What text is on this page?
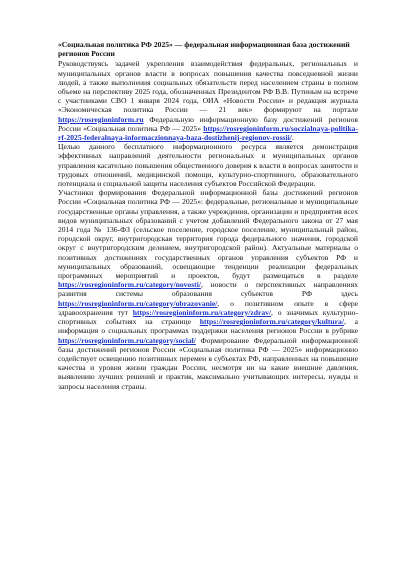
«Социальная политика РФ 2025» — федеральная информационная база достижений регионов России

Руководствуясь задачей укрепления взаимодействия федеральных, региональных и муниципальных органов власти в вопросах повышения качества повседневной жизни людей, а также выполнения социальных обязательств перед населением страны в полном объеме на перспективу 2025 года, обозначенных Президентом РФ В.В. Путиным на встрече с участниками СВО 1 января 2024 года, ОИА «Новости России» и редакция журнала «Экономическая политика России — 21 век» формируют на портале https://rosregioninform.ru Федеральную информационную базу достижений регионов России «Социальная политика РФ — 2025» https://rosregioninform.ru/soczialnaya-politika-rf-2025-federalnaya-informaczionnaya-baza-dostizhenij-regionov-rossii/.

Целью данного бесплатного информационного ресурса является демонстрация эффективных направлений деятельности региональных и муниципальных органов управления касательно повышения общественного доверия к власти в вопросах занятости и трудовых отношений, медицинской помощи, культурно-спортивного, образовательного потенциала и социальной защиты населения субъектов Российской Федерации.

Участники формирования Федеральной информационной базы достижений регионов России «Социальная политика РФ — 2025»: федеральные, региональные и муниципальные государственные органы управления, а также учреждения, организации и предприятия всех видов муниципальных образований с учетом добавлений Федерального закона от 27 мая 2014 года № 136-ФЗ (сельское поселение, городское поселение, муниципальный район, городской округ, внутригородская территория города федерального значения, городской округ с внутригородским делением, внутригородской район). Актуальные материалы о позитивных достижениях государственных органов управления субъектов РФ и муниципальных образований, освещающие тенденции реализации федеральных программных мероприятий и проектов, будут размещаться в разделе https://rosregioninform.ru/category/novosti/, новости о перспективных направлениях развития системы образования субъектов РФ здесь https://rosregioninform.ru/category/obrazovanie/, о позитивном опыте в сфере здравоохранения тут https://rosregioninform.ru/category/zdrav/, о значимых культурно-спортивных событиях на странице https://rosregioninform.ru/category/kultura/, а информация о социальных программах поддержки населения регионов России в рубрике https://rosregioninform.ru/category/social/ Формирование Федеральной информационной базы достижений регионов России «Социальная политика РФ — 2025» информационно содействует освещению позитивных перемен в субъектах РФ, направленных на повышение качества и уровня жизни граждан России, несмотря ни на какие внешние давления, выявлению лучших решений и практик, максимально учитывающих интересы, нужды и запросы населения страны.
